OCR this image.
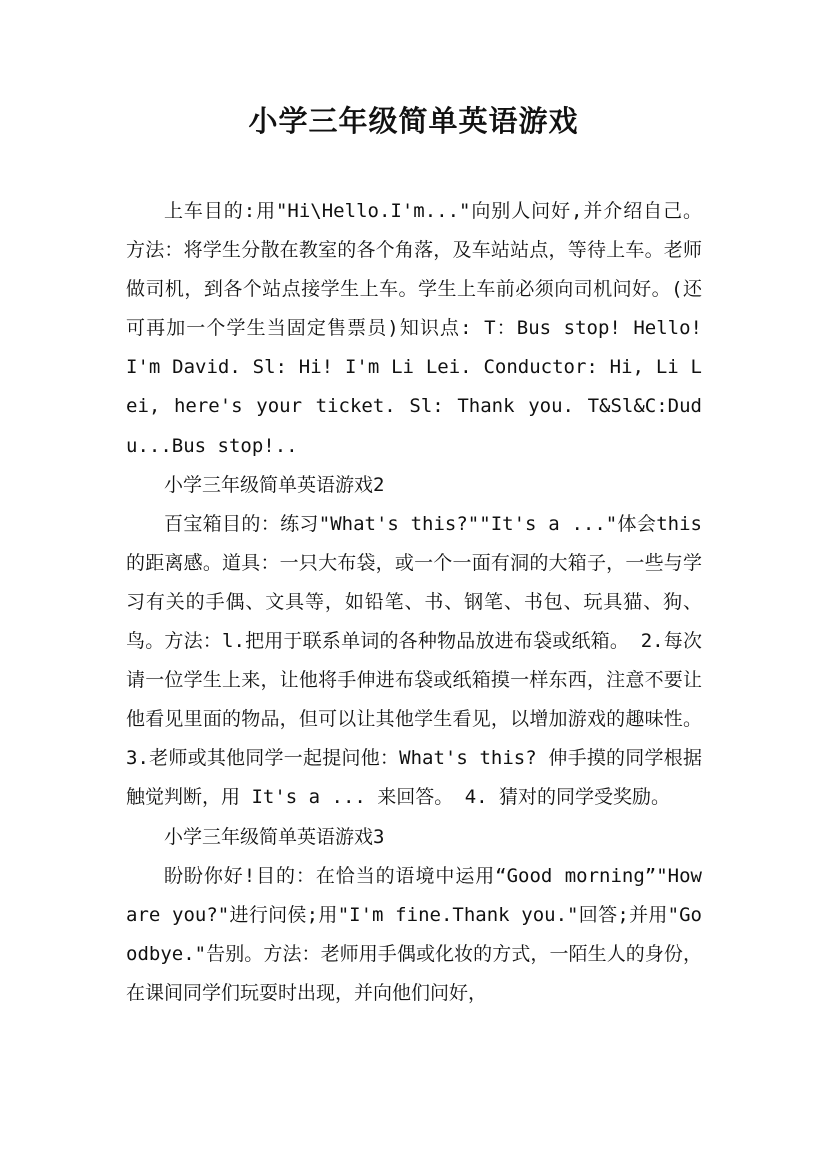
小学三年级简单英语游戏

上车目的:用"Hi\Hello.I'm..."向别人问好,并介绍自己。方法：将学生分散在教室的各个角落，及车站站点，等待上车。老师做司机，到各个站点接学生上车。学生上车前必须向司机问好。(还可再加一个学生当固定售票员)知识点: T：Bus stop! Hello! I'm David. Sl: Hi! I'm Li Lei. Conductor: Hi, Li Lei, here's your ticket. Sl: Thank you. T&Sl&C:Dudu...Bus stop!..

小学三年级简单英语游戏2

百宝箱目的：练习"What's this?""It's a ..."体会this的距离感。道具：一只大布袋，或一个一面有洞的大箱子，一些与学习有关的手偶、文具等，如铅笔、书、钢笔、书包、玩具猫、狗、鸟。方法：l.把用于联系单词的各种物品放进布袋或纸箱。 2.每次请一位学生上来，让他将手伸进布袋或纸箱摸一样东西，注意不要让他看见里面的物品，但可以让其他学生看见，以增加游戏的趣味性。 3.老师或其他同学一起提问他：What's this? 伸手摸的同学根据触觉判断，用 It's a ... 来回答。 4. 猜对的同学受奖励。

小学三年级简单英语游戏3

盼盼你好!目的：在恰当的语境中运用“Good morning”"How are you?"进行问侯;用"I'm fine.Thank you."回答;并用"Goodbye."告别。方法：老师用手偶或化妆的方式，一陌生人的身份，在课间同学们玩耍时出现，并向他们问好，
